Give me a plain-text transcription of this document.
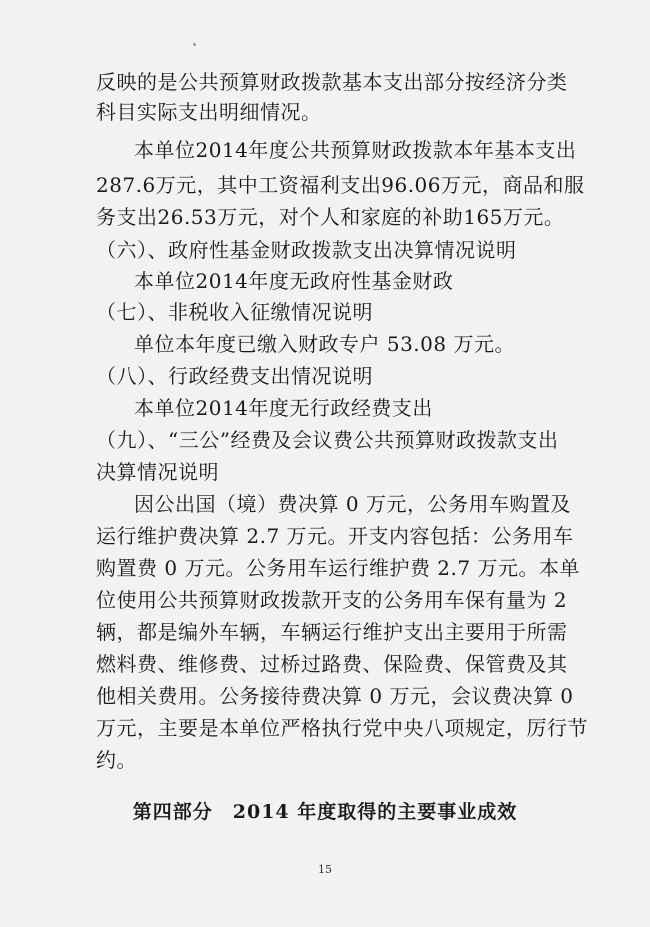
反映的是公共预算财政拨款基本支出部分按经济分类
科目实际支出明细情况。
本单位2014年度公共预算财政拨款本年基本支出
287.6万元，其中工资福利支出96.06万元，商品和服
务支出26.53万元，对个人和家庭的补助165万元。
（六）、政府性基金财政拨款支出决算情况说明
本单位2014年度无政府性基金财政
（七）、非税收入征缴情况说明
单位本年度已缴入财政专户 53.08 万元。
（八）、行政经费支出情况说明
本单位2014年度无行政经费支出
（九）、“三公”经费及会议费公共预算财政拨款支出
决算情况说明
因公出国（境）费决算 0 万元，公务用车购置及
运行维护费决算 2.7 万元。开支内容包括：公务用车
购置费 0 万元。公务用车运行维护费 2.7 万元。本单
位使用公共预算财政拨款开支的公务用车保有量为 2
辆，都是编外车辆，车辆运行维护支出主要用于所需
燃料费、维修费、过桥过路费、保险费、保管费及其
他相关费用。公务接待费决算 0 万元，会议费决算 0
万元，主要是本单位严格执行党中央八项规定，厉行节
约。
第四部分　2014 年度取得的主要事业成效
15
